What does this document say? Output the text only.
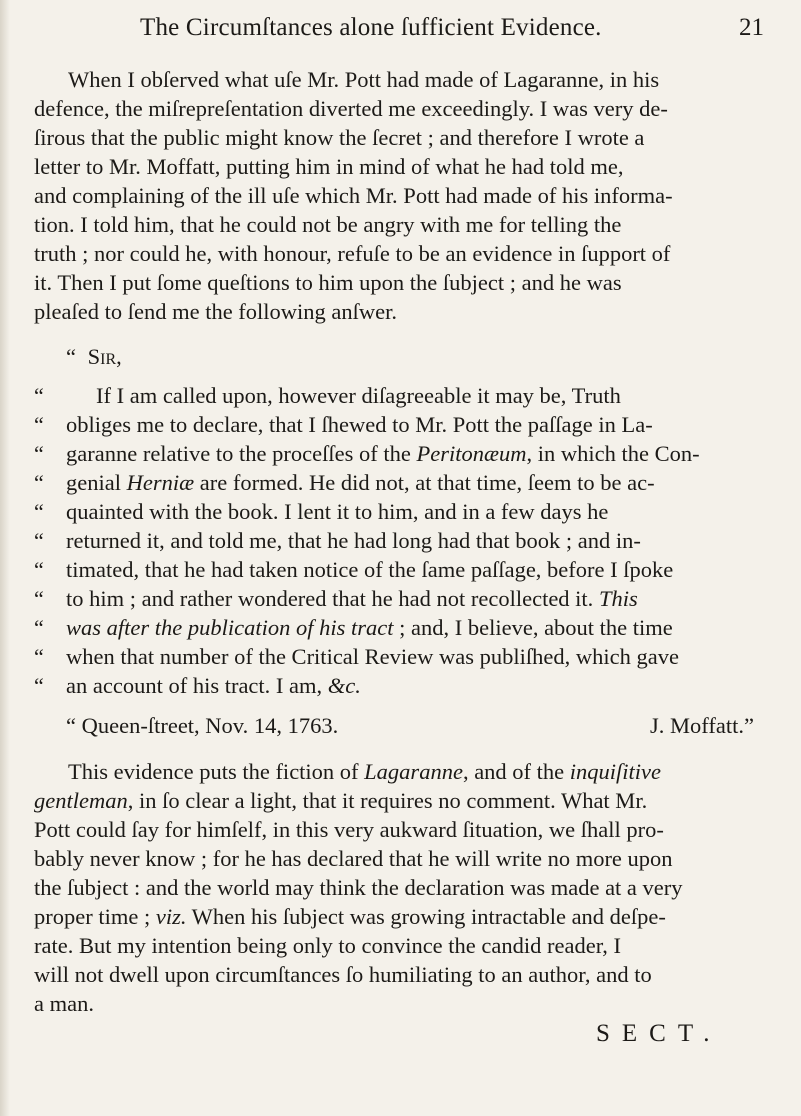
The Circumſtances alone ſufficient Evidence.	21
When I obſerved what uſe Mr. Pott had made of Lagaranne, in his
defence, the miſrepreſentation diverted me exceedingly. I was very de-
ſirous that the public might know the ſecret ; and therefore I wrote a
letter to Mr. Moffatt, putting him in mind of what he had told me,
and complaining of the ill uſe which Mr. Pott had made of his informa-
tion. I told him, that he could not be angry with me for telling the
truth ; nor could he, with honour, refuſe to be an evidence in ſupport of
it. Then I put ſome queſtions to him upon the ſubject ; and he was
pleaſed to ſend me the following anſwer.
“ Sir,
“ If I am called upon, however diſagreeable it may be, Truth
“ obliges me to declare, that I ſhewed to Mr. Pott the paſſage in La-
“ garanne relative to the proceſſes of the Peritonæum, in which the Con-
“ genial Herniæ are formed. He did not, at that time, ſeem to be ac-
“ quainted with the book. I lent it to him, and in a few days he
“ returned it, and told me, that he had long had that book ; and in-
“ timated, that he had taken notice of the ſame paſſage, before I ſpoke
“ to him ; and rather wondered that he had not recollected it. This
“ was after the publication of his tract ; and, I believe, about the time
“ when that number of the Critical Review was publiſhed, which gave
“ an account of his tract. I am, &c.
“ Queen-ſtreet, Nov. 14, 1763.	J. Moffatt.”
This evidence puts the fiction of Lagaranne, and of the inquiſitive
gentleman, in ſo clear a light, that it requires no comment. What Mr.
Pott could ſay for himſelf, in this very aukward ſituation, we ſhall pro-
bably never know ; for he has declared that he will write no more upon
the ſubject : and the world may think the declaration was made at a very
proper time ; viz. When his ſubject was growing intractable and deſpe-
rate. But my intention being only to convince the candid reader, I
will not dwell upon circumſtances ſo humiliating to an author, and to
a man.
SECT.
